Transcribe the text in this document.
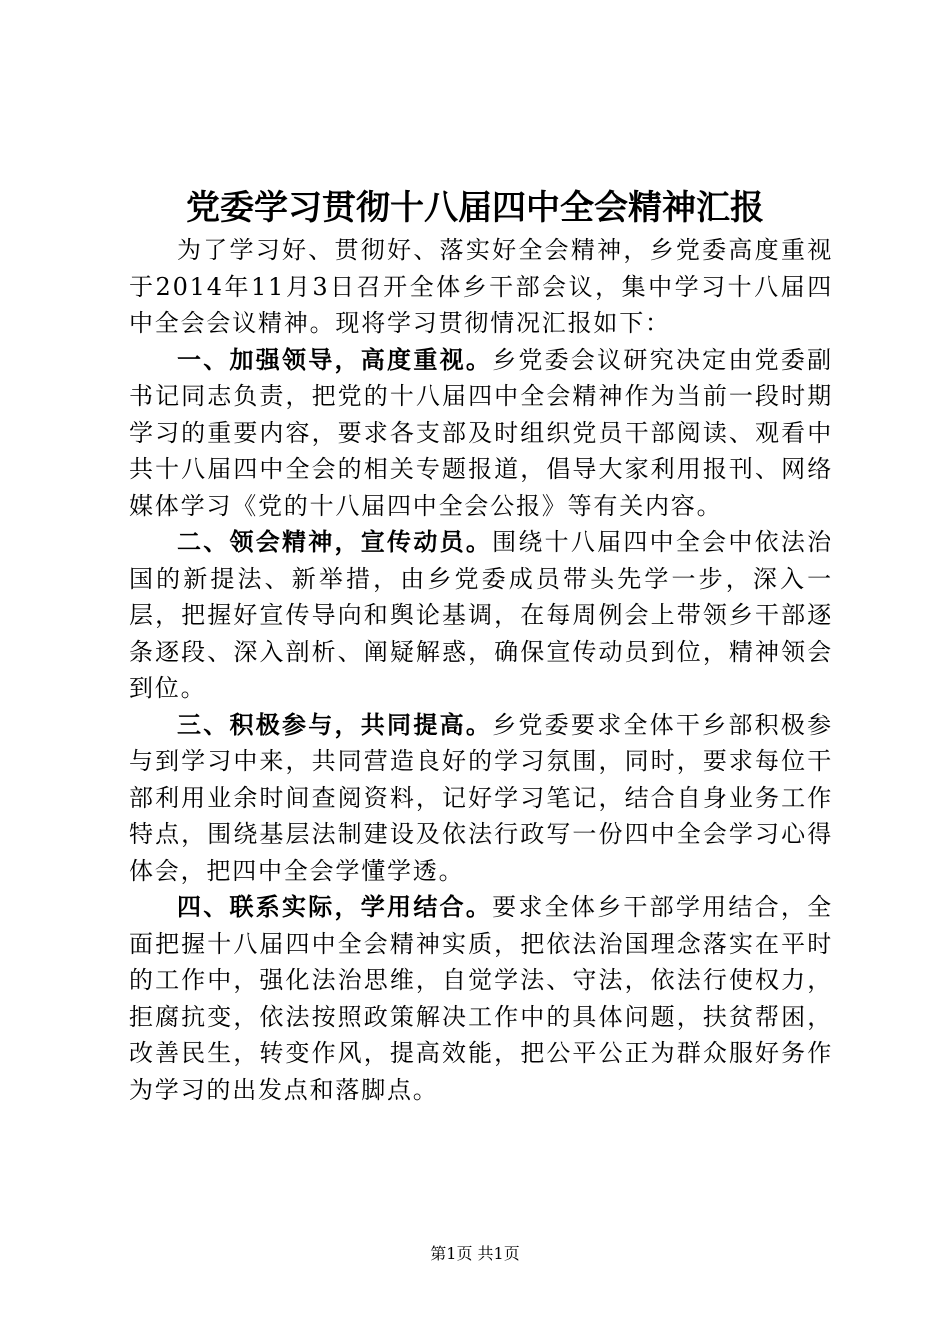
党委学习贯彻十八届四中全会精神汇报

为了学习好、贯彻好、落实好全会精神，乡党委高度重视于2014年11月3日召开全体乡干部会议，集中学习十八届四中全会会议精神。现将学习贯彻情况汇报如下：

一、加强领导，高度重视。乡党委会议研究决定由党委副书记同志负责，把党的十八届四中全会精神作为当前一段时期学习的重要内容，要求各支部及时组织党员干部阅读、观看中共十八届四中全会的相关专题报道，倡导大家利用报刊、网络媒体学习《党的十八届四中全会公报》等有关内容。

二、领会精神，宣传动员。围绕十八届四中全会中依法治国的新提法、新举措，由乡党委成员带头先学一步，深入一层，把握好宣传导向和舆论基调，在每周例会上带领乡干部逐条逐段、深入剖析、阐疑解惑，确保宣传动员到位，精神领会到位。

三、积极参与，共同提高。乡党委要求全体干乡部积极参与到学习中来，共同营造良好的学习氛围，同时，要求每位干部利用业余时间查阅资料，记好学习笔记，结合自身业务工作特点，围绕基层法制建设及依法行政写一份四中全会学习心得体会，把四中全会学懂学透。

四、联系实际，学用结合。要求全体乡干部学用结合，全面把握十八届四中全会精神实质，把依法治国理念落实在平时的工作中，强化法治思维，自觉学法、守法，依法行使权力，拒腐抗变，依法按照政策解决工作中的具体问题，扶贫帮困，改善民生，转变作风，提高效能，把公平公正为群众服好务作为学习的出发点和落脚点。

第1页 共1页
